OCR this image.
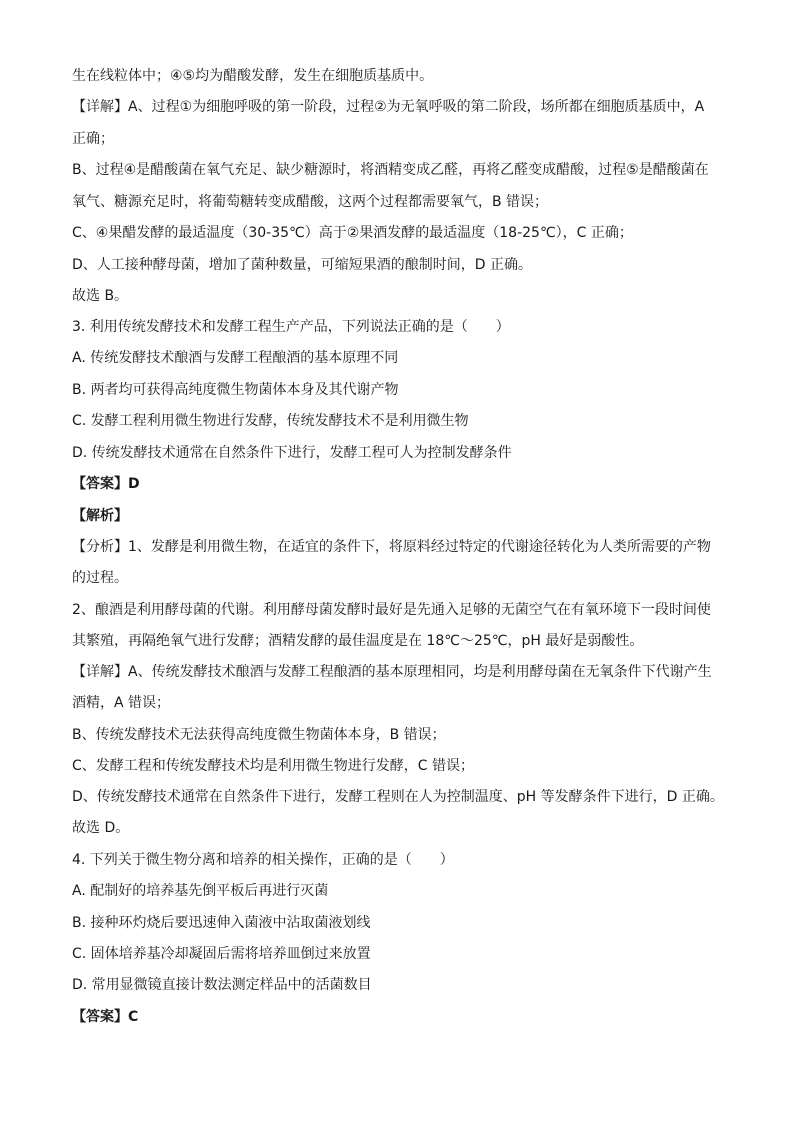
生在线粒体中；④⑤均为醋酸发酵，发生在细胞质基质中。
【详解】A、过程①为细胞呼吸的第一阶段，过程②为无氧呼吸的第二阶段，场所都在细胞质基质中，A
正确；
B、过程④是醋酸菌在氧气充足、缺少糖源时，将酒精变成乙醛，再将乙醛变成醋酸，过程⑤是醋酸菌在
氧气、糖源充足时，将葡萄糖转变成醋酸，这两个过程都需要氧气，B 错误；
C、④果醋发酵的最适温度（30-35℃）高于②果酒发酵的最适温度（18-25℃），C 正确；
D、人工接种酵母菌，增加了菌种数量，可缩短果酒的酿制时间，D 正确。
故选 B。
3. 利用传统发酵技术和发酵工程生产产品，下列说法正确的是（　　）
A. 传统发酵技术酿酒与发酵工程酿酒的基本原理不同
B. 两者均可获得高纯度微生物菌体本身及其代谢产物
C. 发酵工程利用微生物进行发酵，传统发酵技术不是利用微生物
D. 传统发酵技术通常在自然条件下进行，发酵工程可人为控制发酵条件
【答案】D
【解析】
【分析】1、发酵是利用微生物，在适宜的条件下，将原料经过特定的代谢途径转化为人类所需要的产物
的过程。
2、酿酒是利用酵母菌的代谢。利用酵母菌发酵时最好是先通入足够的无菌空气在有氧环境下一段时间使
其繁殖，再隔绝氧气进行发酵；酒精发酵的最佳温度是在 18℃～25℃，pH 最好是弱酸性。
【详解】A、传统发酵技术酿酒与发酵工程酿酒的基本原理相同，均是利用酵母菌在无氧条件下代谢产生
酒精，A 错误；
B、传统发酵技术无法获得高纯度微生物菌体本身，B 错误；
C、发酵工程和传统发酵技术均是利用微生物进行发酵，C 错误；
D、传统发酵技术通常在自然条件下进行，发酵工程则在人为控制温度、pH 等发酵条件下进行，D 正确。
故选 D。
4. 下列关于微生物分离和培养的相关操作，正确的是（　　）
A. 配制好的培养基先倒平板后再进行灭菌
B. 接种环灼烧后要迅速伸入菌液中沾取菌液划线
C. 固体培养基冷却凝固后需将培养皿倒过来放置
D. 常用显微镜直接计数法测定样品中的活菌数目
【答案】C
